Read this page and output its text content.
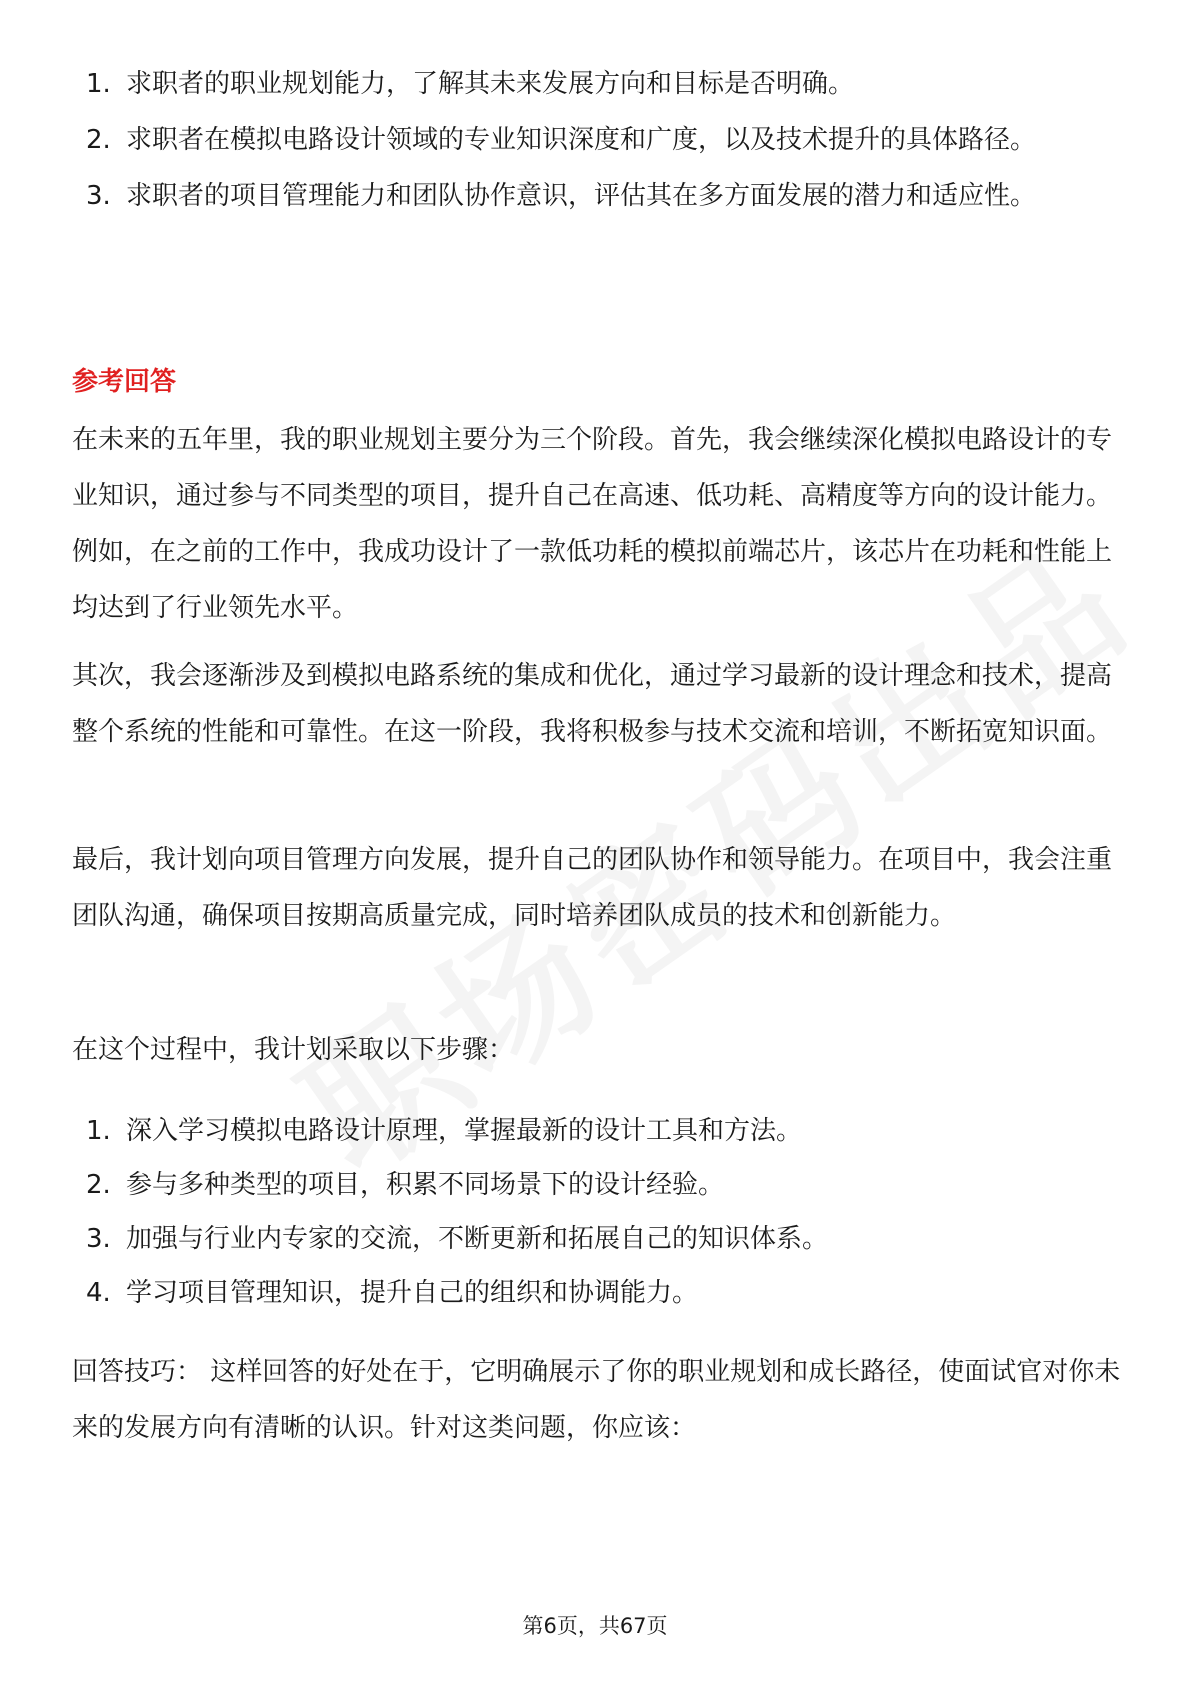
1. 求职者的职业规划能力，了解其未来发展方向和目标是否明确。
2. 求职者在模拟电路设计领域的专业知识深度和广度，以及技术提升的具体路径。
3. 求职者的项目管理能力和团队协作意识，评估其在多方面发展的潜力和适应性。
参考回答

在未来的五年里，我的职业规划主要分为三个阶段。首先，我会继续深化模拟电路设计的专业知识，通过参与不同类型的项目，提升自己在高速、低功耗、高精度等方向的设计能力。例如，在之前的工作中，我成功设计了一款低功耗的模拟前端芯片，该芯片在功耗和性能上均达到了行业领先水平。

其次，我会逐渐涉及到模拟电路系统的集成和优化，通过学习最新的设计理念和技术，提高整个系统的性能和可靠性。在这一阶段，我将积极参与技术交流和培训，不断拓宽知识面。

最后，我计划向项目管理方向发展，提升自己的团队协作和领导能力。在项目中，我会注重团队沟通，确保项目按期高质量完成，同时培养团队成员的技术和创新能力。

在这个过程中，我计划采取以下步骤：

1. 深入学习模拟电路设计原理，掌握最新的设计工具和方法。
2. 参与多种类型的项目，积累不同场景下的设计经验。
3. 加强与行业内专家的交流，不断更新和拓展自己的知识体系。
4. 学习项目管理知识，提升自己的组织和协调能力。

回答技巧： 这样回答的好处在于，它明确展示了你的职业规划和成长路径，使面试官对你未来的发展方向有清晰的认识。针对这类问题，你应该：

第6页，共67页
